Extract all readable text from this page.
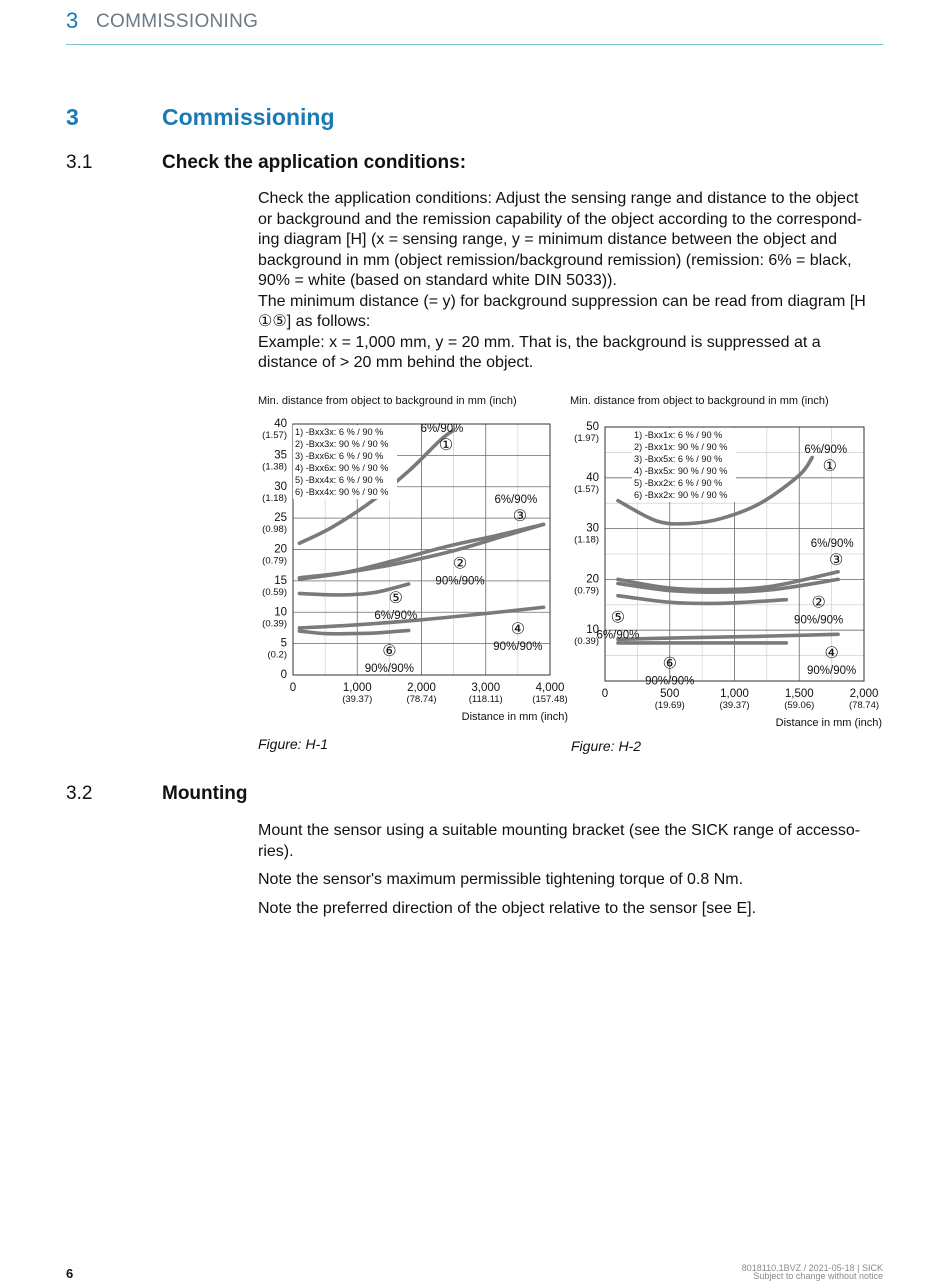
3 COMMISSIONING
3	Commissioning
3.1	Check the application conditions:
Check the application conditions: Adjust the sensing range and distance to the object
or background and the remission capability of the object according to the correspond-
ing diagram [H] (x = sensing range, y = minimum distance between the object and
background in mm (object remission/background remission) (remission: 6% = black,
90% = white (based on standard white DIN 5033)).
The minimum distance (= y) for background suppression can be read from diagram [H
①⑤] as follows:
Example: x = 1,000 mm, y = 20 mm. That is, the background is suppressed at a
distance of > 20 mm behind the object.
Min. distance from object to background in mm (inch)
0	1,000
(39.37)
2,000
(78.74)
3,000
(118.11)
4,000
(157.48)
0
5
(0.2)
10
(0.39)
15
(0.59)
20
(0.79)
25
(0.98)
30
(1.18)
35
(1.38)
40
(1.57)
Distance in mm (inch)
1) -Bxx3x: 6 % / 90 %
2) -Bxx3x: 90 % / 90 %
3) -Bxx6x: 6 % / 90 %
4) -Bxx6x: 90 % / 90 %
5) -Bxx4x: 6 % / 90 %
6) -Bxx4x: 90 % / 90 %
6%/90%
①
6%/90%
③
②
90%/90%
⑤
6%/90%
④
90%/90%
⑥
90%/90%
Min. distance from object to background in mm (inch)
0	500
(19.69)
1,000
(39.37)
1,500
(59.06)
2,000
(78.74)
10
(0.39)
20
(0.79)
30
(1.18)
40
(1.57)
50
(1.97)
Distance in mm (inch)
1) -Bxx1x: 6 % / 90 %
2) -Bxx1x: 90 % / 90 %
3) -Bxx5x: 6 % / 90 %
4) -Bxx5x: 90 % / 90 %
5) -Bxx2x: 6 % / 90 %
6) -Bxx2x: 90 % / 90 %
6%/90%
①
6%/90%
③
②
90%/90%
⑤
6%/90%
④
90%/90%
⑥
90%/90%
Figure: H-1	Figure: H-2
3.2	Mounting
Mount the sensor using a suitable mounting bracket (see the SICK range of accesso-
ries).
Note the sensor's maximum permissible tightening torque of 0.8 Nm.
Note the preferred direction of the object relative to the sensor [see E].
6	8018110.1BVZ / 2021-05-18 | SICK
Subject to change without notice
